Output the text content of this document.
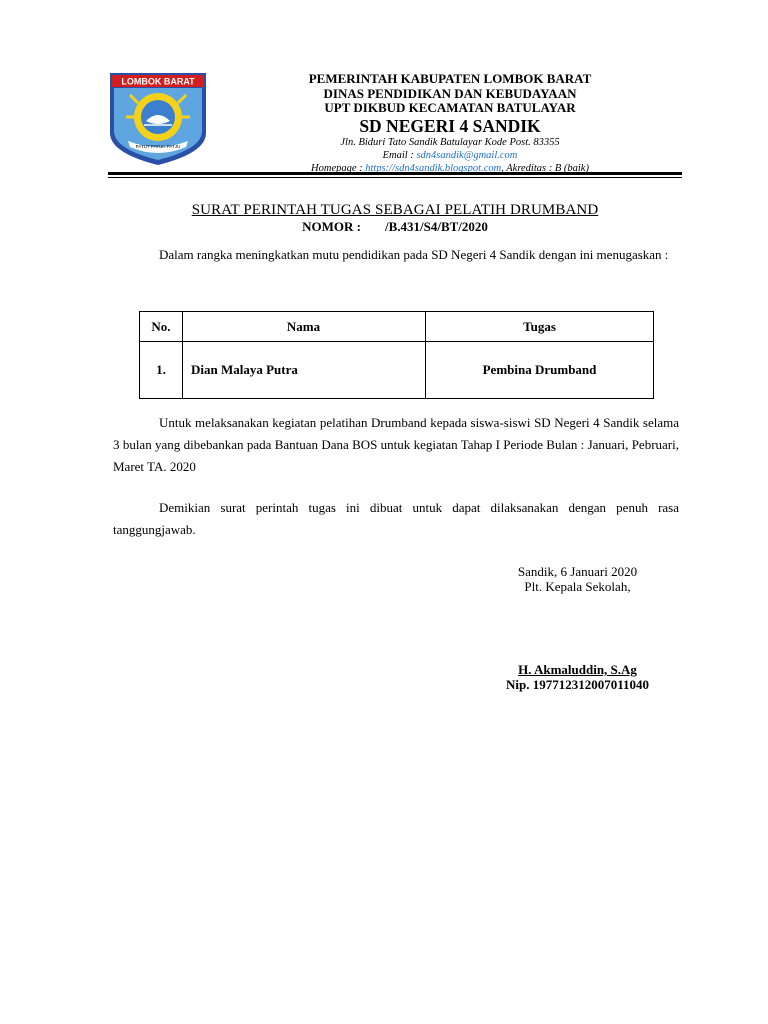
LOMBOK BARAT
PATUT PATUH PATJU
PEMERINTAH KABUPATEN LOMBOK BARAT
DINAS PENDIDIKAN DAN KEBUDAYAAN
UPT DIKBUD KECAMATAN BATULAYAR
SD NEGERI 4 SANDIK
Jln. Biduri Tato Sandik Batulayar Kode Post. 83355
Email : sdn4sandik@gmail.com
Homepage : https://sdn4sandik.blogspot.com, Akreditas : B (baik)
SURAT PERINTAH TUGAS SEBAGAI PELATIH DRUMBAND
NOMOR : /B.431/S4/BT/2020
Dalam rangka meningkatkan mutu pendidikan pada SD Negeri 4 Sandik dengan ini menugaskan :
No.	Nama	Tugas
1.	Dian Malaya Putra	Pembina Drumband
Untuk melaksanakan kegiatan pelatihan Drumband kepada siswa-siswi SD Negeri 4 Sandik selama 3 bulan yang dibebankan pada Bantuan Dana BOS untuk kegiatan Tahap I Periode Bulan : Januari, Pebruari, Maret TA. 2020
Demikian surat perintah tugas ini dibuat untuk dapat dilaksanakan dengan penuh rasa tanggungjawab.
Sandik, 6 Januari 2020
Plt. Kepala Sekolah,
H. Akmaluddin, S.Ag
Nip. 197712312007011040
